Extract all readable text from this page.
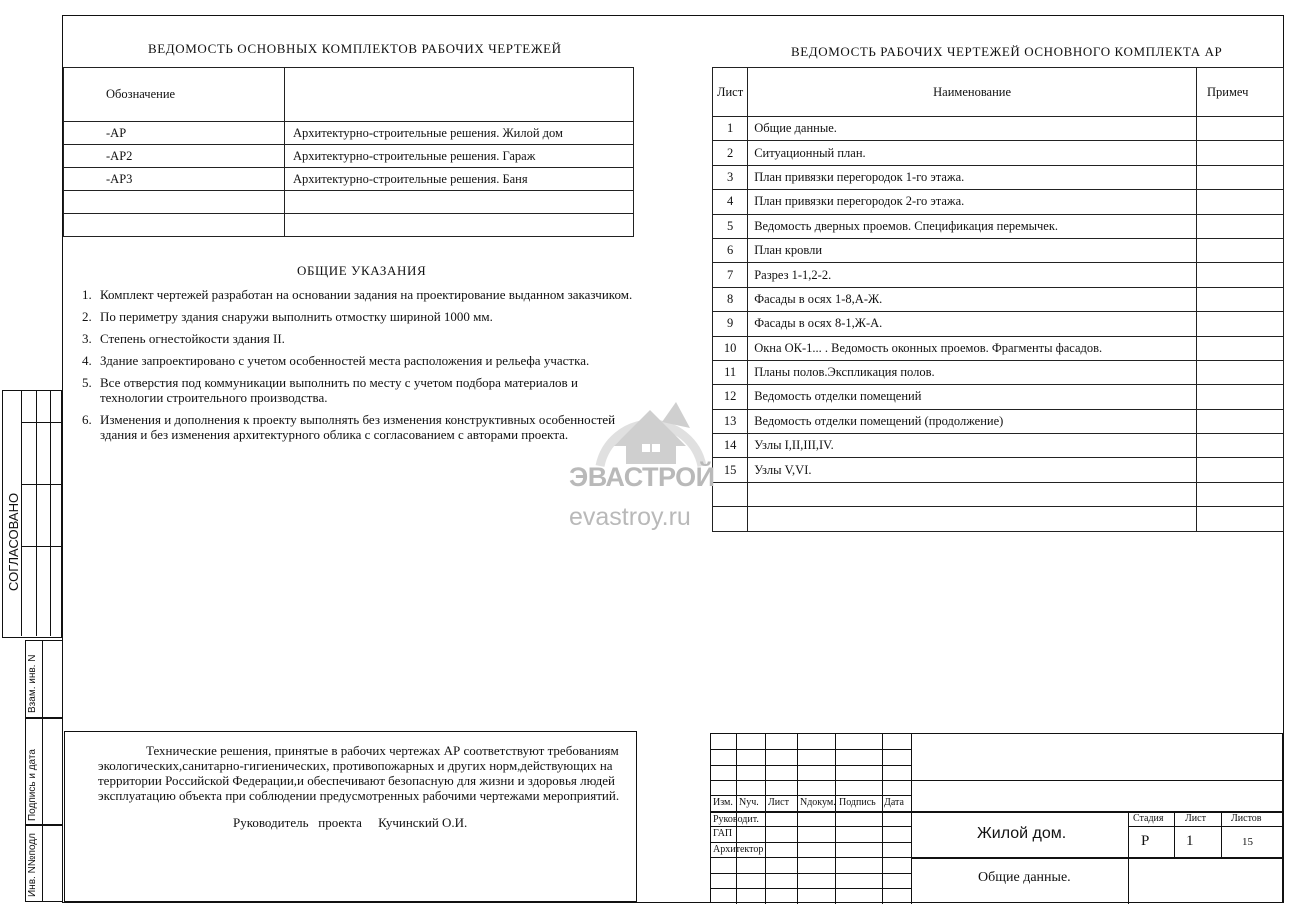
ВЕДОМОСТЬ ОСНОВНЫХ КОМПЛЕКТОВ РАБОЧИХ ЧЕРТЕЖЕЙ
Обозначение	
-АР	Архитектурно-строительные решения. Жилой дом
-АР2	Архитектурно-строительные решения. Гараж
-АР3	Архитектурно-строительные решения. Баня

ОБЩИЕ УКАЗАНИЯ
1. Комплект чертежей разработан на основании задания на проектирование выданном заказчиком.
2. По периметру здания снаружи выполнить отмостку шириной 1000 мм.
3. Степень огнестойкости здания II.
4. Здание запроектировано с учетом особенностей места расположения и рельефа участка.
5. Все отверстия под коммуникации выполнить по месту с учетом подбора материалов и технологии строительного производства.
6. Изменения и дополнения к проекту выполнять без изменения конструктивных особенностей здания и без изменения архитектурного облика с согласованием с авторами проекта.
ВЕДОМОСТЬ РАБОЧИХ ЧЕРТЕЖЕЙ ОСНОВНОГО КОМПЛЕКТА АР
Лист	Наименование	Примеч
1	Общие данные.	
2	Ситуационный план.	
3	План привязки перегородок 1-го этажа.	
4	План привязки перегородок 2-го этажа.	
5	Ведомость дверных проемов. Спецификация перемычек.	
6	План кровли	
7	Разрез 1-1,2-2.	
8	Фасады в осях 1-8,А-Ж.	
9	Фасады в осях 8-1,Ж-А.	
10	Окна ОК-1... . Ведомость оконных проемов. Фрагменты фасадов.	
11	Планы полов.Экспликация полов.	
12	Ведомость отделки помещений	
13	Ведомость отделки помещений (продолжение)	
14	Узлы I,II,III,IV.	
15	Узлы V,VI.	

Технические решения, принятые в рабочих чертежах АР соответствуют требованиям экологических,санитарно-гигиенических, противопожарных и других норм,действующих на территории Российской Федерации,и обеспечивают безопасную для жизни и здоровья людей эксплуатацию объекта при соблюдении предусмотренных рабочими чертежами мероприятий.
Руководитель   проекта     Кучинский О.И.
Изм. Nуч. Лист Nдокум. Подпись Дата
Руководит.
ГАП
Архитектор
Стадия Лист	Листов
Р 1	15
Жилой дом.
Общие данные.
СОГЛАСОВАНО
Взам. инв. N
Подпись и дата
Инв. N№подл
ЭВАСТРОЙ
evastroy.ru
